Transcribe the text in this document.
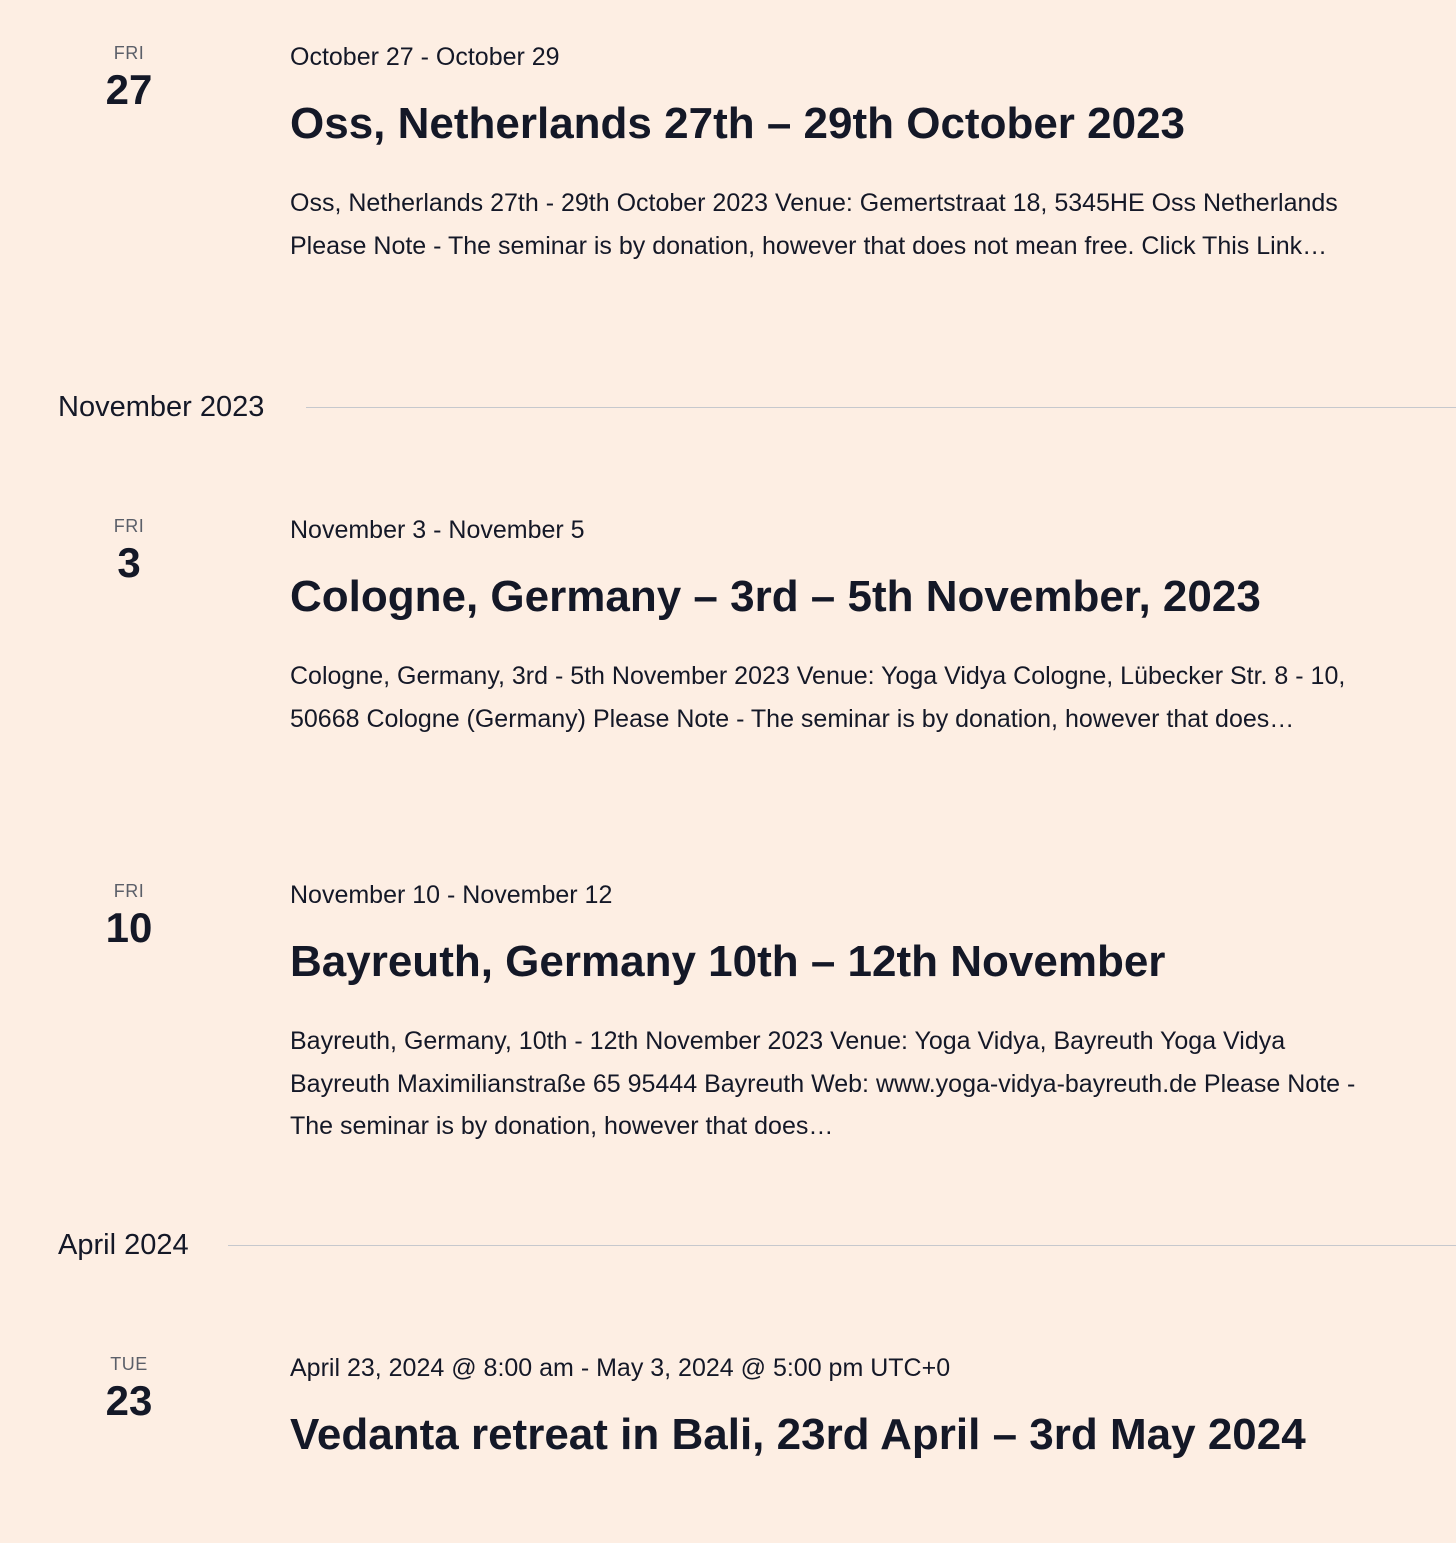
FRI
27
October 27 - October 29
Oss, Netherlands 27th – 29th October 2023
Oss, Netherlands 27th - 29th October 2023 Venue: Gemertstraat 18, 5345HE Oss Netherlands Please Note - The seminar is by donation, however that does not mean free. Click This Link…
November 2023
FRI
3
November 3 - November 5
Cologne, Germany – 3rd – 5th November, 2023
Cologne, Germany, 3rd - 5th November 2023 Venue: Yoga Vidya Cologne, Lübecker Str. 8 - 10, 50668 Cologne (Germany) Please Note - The seminar is by donation, however that does…
FRI
10
November 10 - November 12
Bayreuth, Germany 10th – 12th November
Bayreuth, Germany, 10th - 12th November 2023 Venue: Yoga Vidya, Bayreuth Yoga Vidya Bayreuth Maximilianstraße 65 95444 Bayreuth Web: www.yoga-vidya-bayreuth.de Please Note - The seminar is by donation, however that does…
April 2024
TUE
23
April 23, 2024 @ 8:00 am - May 3, 2024 @ 5:00 pm UTC+0
Vedanta retreat in Bali, 23rd April – 3rd May 2024
